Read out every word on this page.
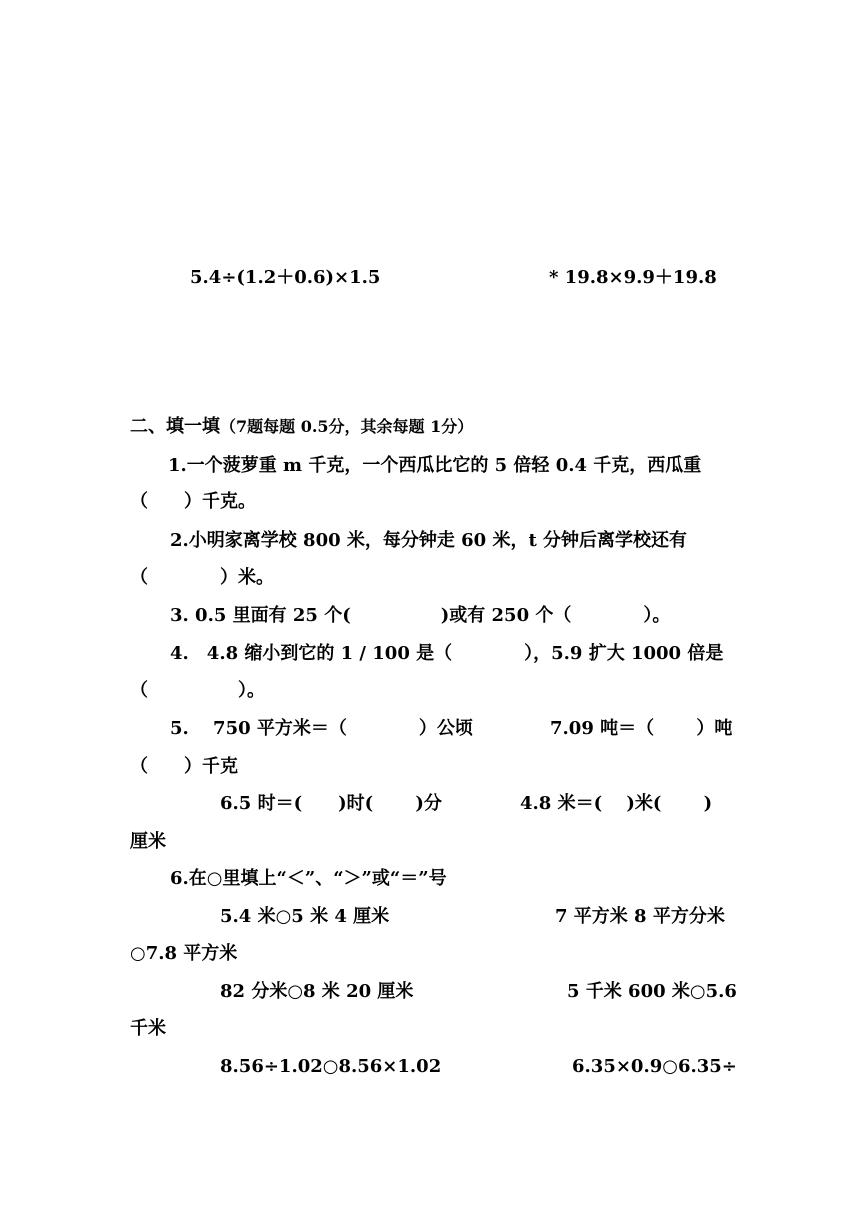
5.4÷(1.2＋0.6)×1.5	* 19.8×9.9＋19.8
二、填一填（7题每题 0.5分，其余每题 1分）
1.一个菠萝重 m 千克，一个西瓜比它的 5 倍轻 0.4 千克，西瓜重
（　　）千克。
2.小明家离学校 800 米，每分钟走 60 米，t 分钟后离学校还有
（　　　　）米。
3. 0.5 里面有 25 个(　　　　　)或有 250 个（　　　　）。
4.　4.8 缩小到它的 1 / 100 是（　　　　），5.9 扩大 1000 倍是
（　　　　　）。
5.　 750 平方米＝（　　　　）公顷	7.09 吨＝（　　 ）吨
（　　）千克
6.5 时＝(　　)时(　　 )分	4.8 米＝(　 )米(　　 )
厘米
6.在○里填上“＜”、“＞”或“＝”号
5.4 米○5 米 4 厘米	7 平方米 8 平方分米
○7.8 平方米
82 分米○8 米 20 厘米	5 千米 600 米○5.6
千米
8.56÷1.02○8.56×1.02	6.35×0.9○6.35÷
